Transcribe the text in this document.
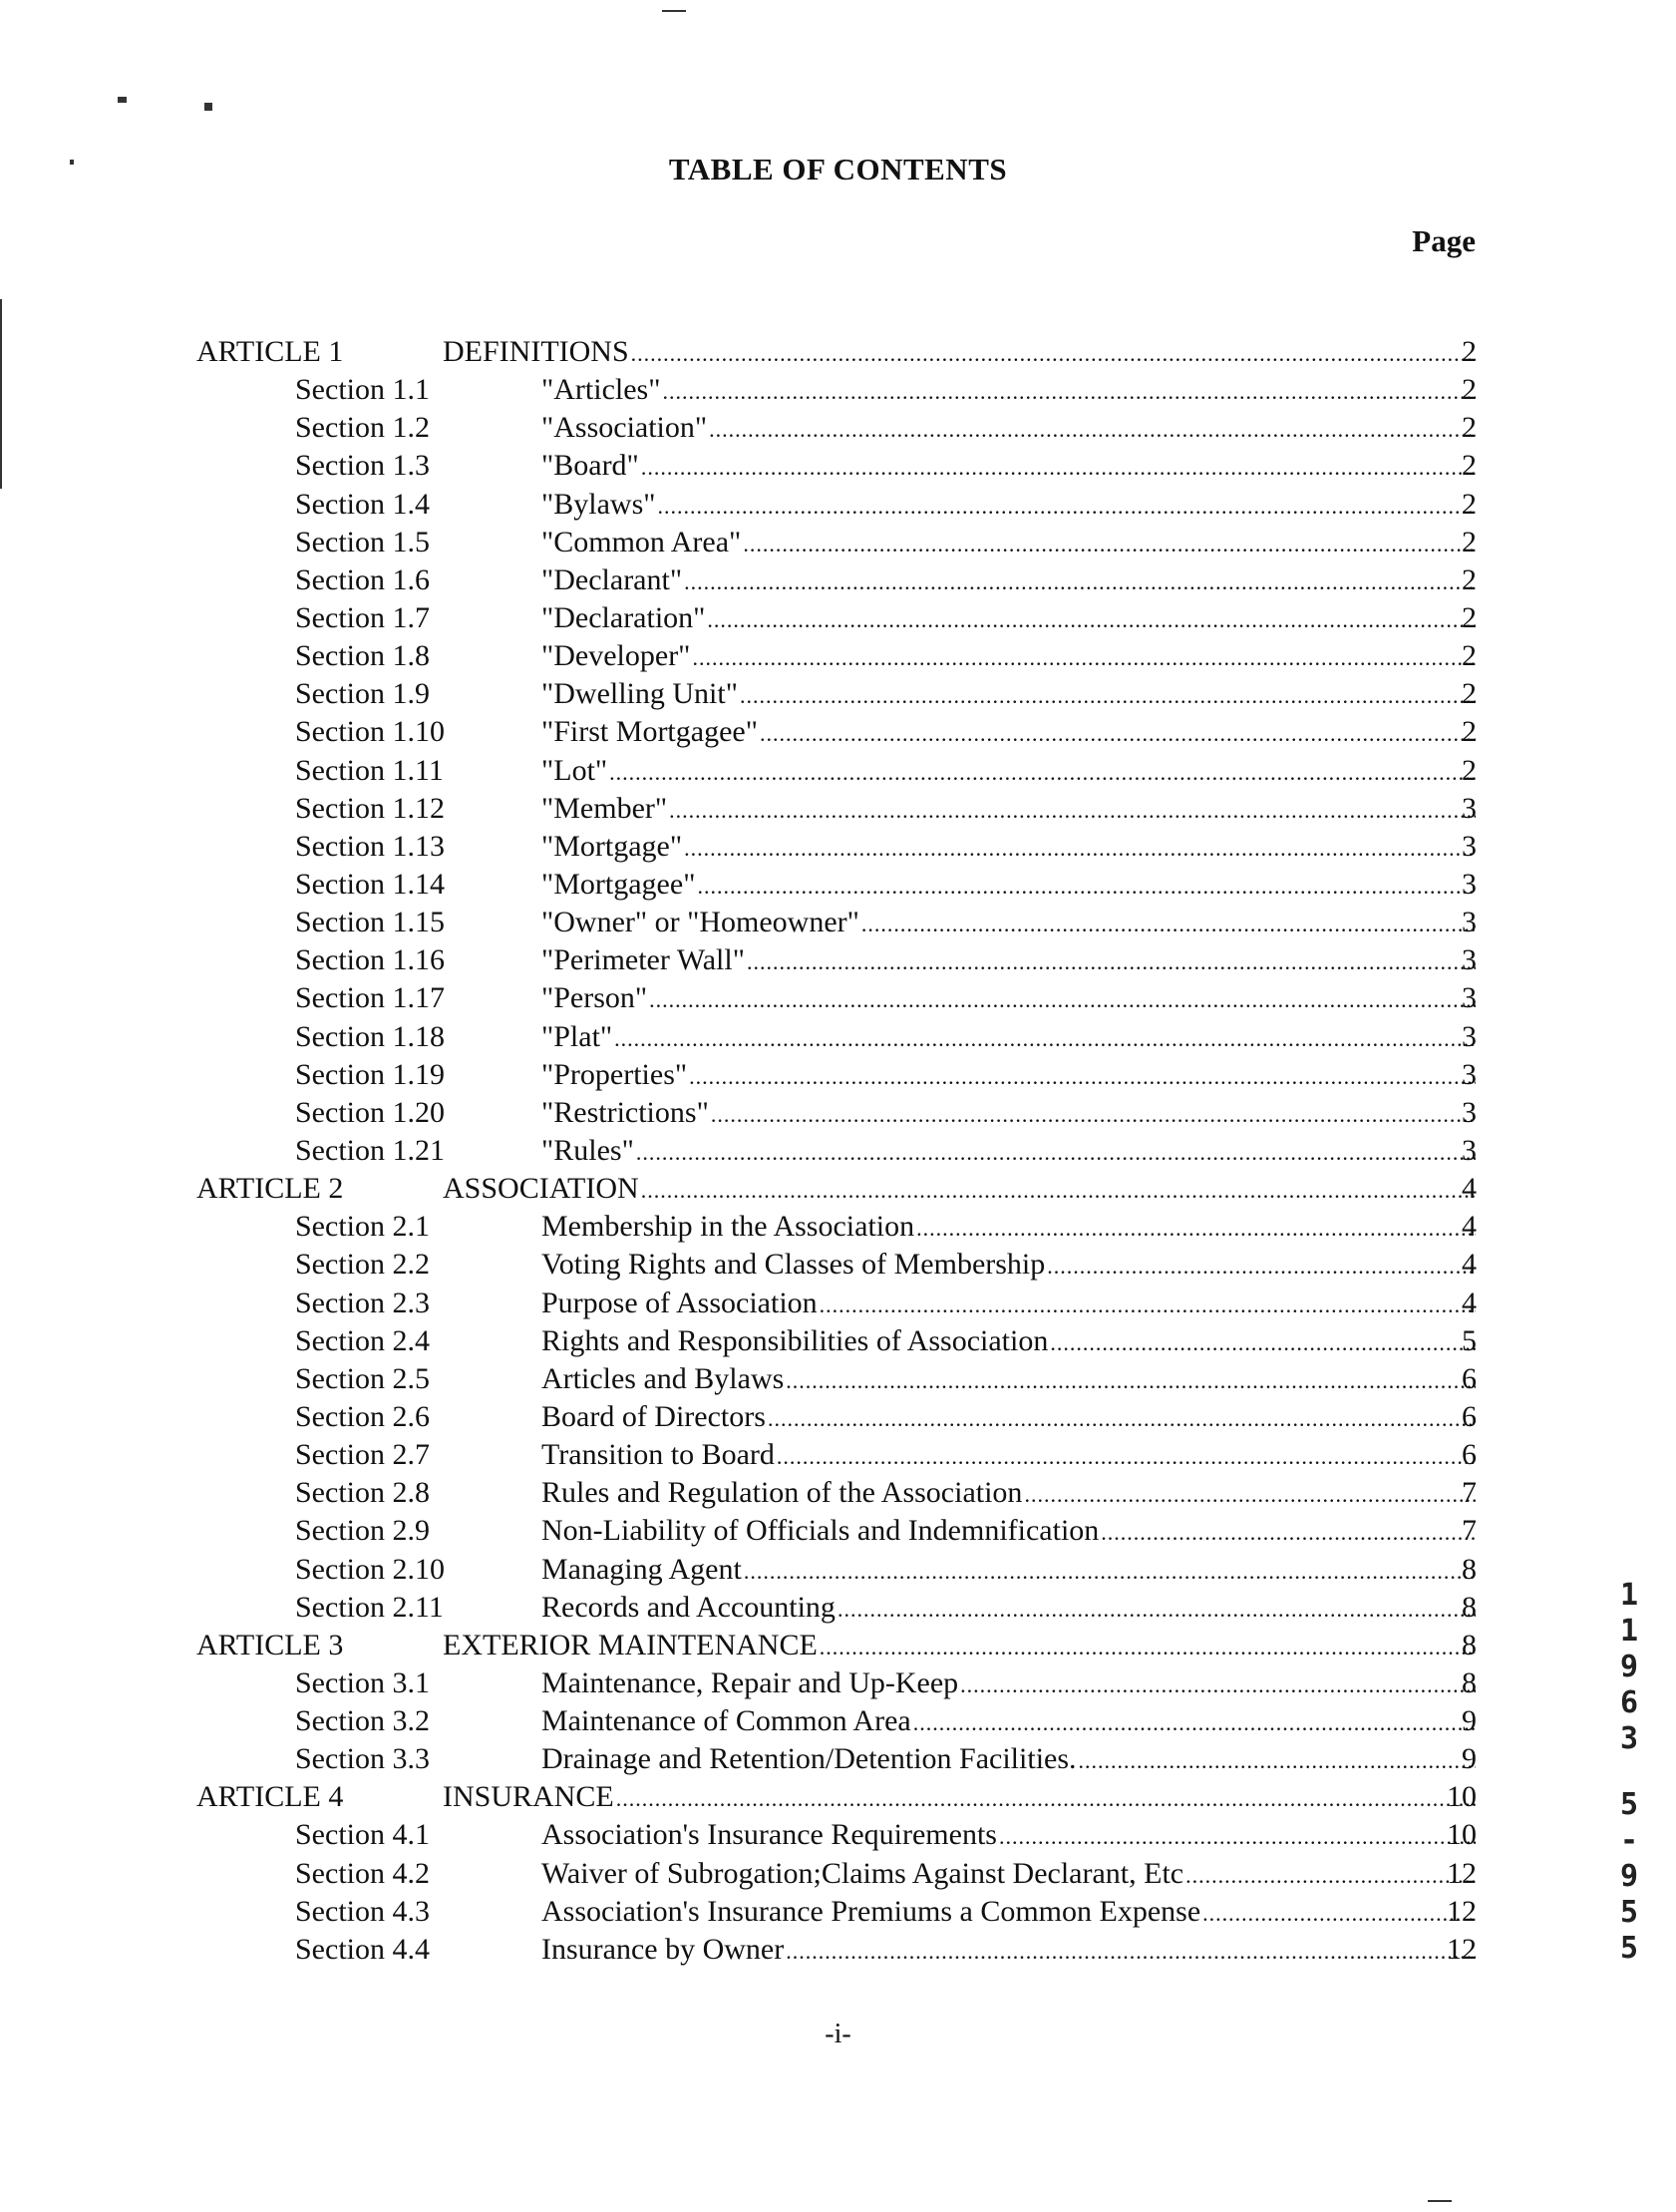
TABLE OF CONTENTS
Page
ARTICLE 1	DEFINITIONS .....	2
Section 1.1	"Articles" .....	2
Section 1.2	"Association" .....	2
Section 1.3	"Board" .....	2
Section 1.4	"Bylaws" .....	2
Section 1.5	"Common Area" .....	2
Section 1.6	"Declarant" .....	2
Section 1.7	"Declaration" .....	2
Section 1.8	"Developer" .....	2
Section 1.9	"Dwelling Unit" .....	2
Section 1.10	"First Mortgagee" .....	2
Section 1.11	"Lot" .....	2
Section 1.12	"Member" .....	3
Section 1.13	"Mortgage" .....	3
Section 1.14	"Mortgagee" .....	3
Section 1.15	"Owner" or "Homeowner" .....	3
Section 1.16	"Perimeter Wall" .....	3
Section 1.17	"Person" .....	3
Section 1.18	"Plat" .....	3
Section 1.19	"Properties" .....	3
Section 1.20	"Restrictions" .....	3
Section 1.21	"Rules" .....	3
ARTICLE 2	ASSOCIATION .....	4
Section 2.1	Membership in the Association .....	4
Section 2.2	Voting Rights and Classes of Membership .....	4
Section 2.3	Purpose of Association .....	4
Section 2.4	Rights and Responsibilities of Association .....	5
Section 2.5	Articles and Bylaws .....	6
Section 2.6	Board of Directors .....	6
Section 2.7	Transition to Board .....	6
Section 2.8	Rules and Regulation of the Association .....	7
Section 2.9	Non-Liability of Officials and Indemnification .....	7
Section 2.10	Managing Agent .....	8
Section 2.11	Records and Accounting .....	8
ARTICLE 3	EXTERIOR MAINTENANCE .....	8
Section 3.1	Maintenance, Repair and Up-Keep .....	8
Section 3.2	Maintenance of Common Area .....	9
Section 3.3	Drainage and Retention/Detention Facilities. .....	9
ARTICLE 4	INSURANCE .....	10
Section 4.1	Association's Insurance Requirements .....	10
Section 4.2	Waiver of Subrogation;Claims Against Declarant, Etc .....	12
Section 4.3	Association's Insurance Premiums a Common Expense .....	12
Section 4.4	Insurance by Owner .....	12
-i-
1
1
9
6
3
5
-
9
5
5
